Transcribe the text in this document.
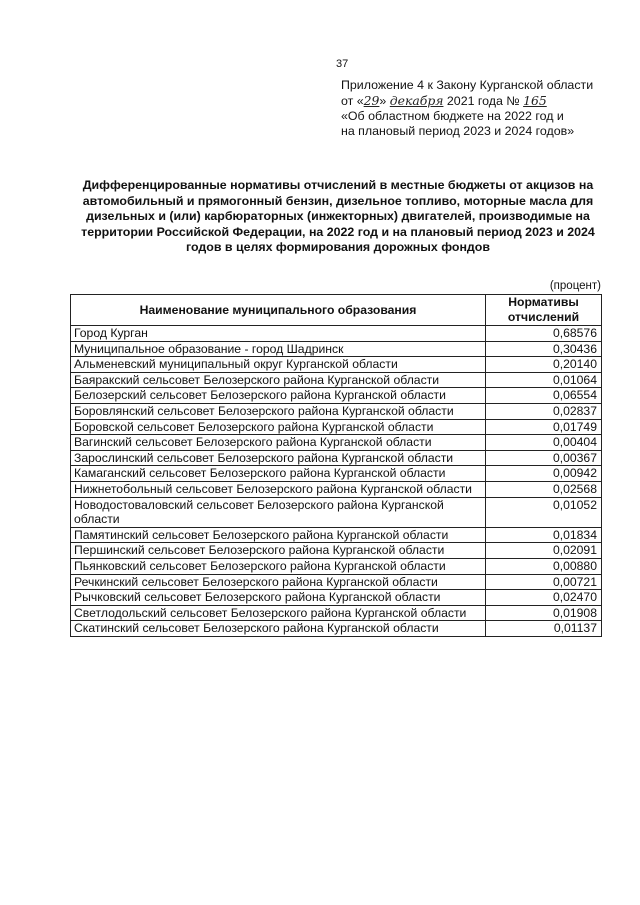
37
Приложение 4 к Закону Курганской области
от «29» декабря 2021 года № 165
«Об областном бюджете на 2022 год и
на плановый период 2023 и 2024 годов»
Дифференцированные нормативы отчислений в местные бюджеты от акцизов на автомобильный и прямогонный бензин, дизельное топливо, моторные масла для дизельных и (или) карбюраторных (инжекторных) двигателей, производимые на территории Российской Федерации, на 2022 год и на плановый период 2023 и 2024 годов в целях формирования дорожных фондов
(процент)
Наименование муниципального образования	Нормативы отчислений
Город Курган	0,68576
Муниципальное образование - город Шадринск	0,30436
Альменевский муниципальный округ Курганской области	0,20140
Баяракский сельсовет Белозерского района Курганской области	0,01064
Белозерский сельсовет Белозерского района Курганской области	0,06554
Боровлянский сельсовет Белозерского района Курганской области	0,02837
Боровской сельсовет Белозерского района Курганской области	0,01749
Вагинский сельсовет Белозерского района Курганской области	0,00404
Зарослинский сельсовет Белозерского района Курганской области	0,00367
Камаганский сельсовет Белозерского района Курганской области	0,00942
Нижнетобольный сельсовет Белозерского района Курганской области	0,02568
Новодостоваловский сельсовет Белозерского района Курганской области	0,01052
Памятинский сельсовет Белозерского района Курганской области	0,01834
Першинский сельсовет Белозерского района Курганской области	0,02091
Пьянковский сельсовет Белозерского района Курганской области	0,00880
Речкинский сельсовет Белозерского района Курганской области	0,00721
Рычковский сельсовет Белозерского района Курганской области	0,02470
Светлодольский сельсовет Белозерского района Курганской области	0,01908
Скатинский сельсовет Белозерского района Курганской области	0,01137
